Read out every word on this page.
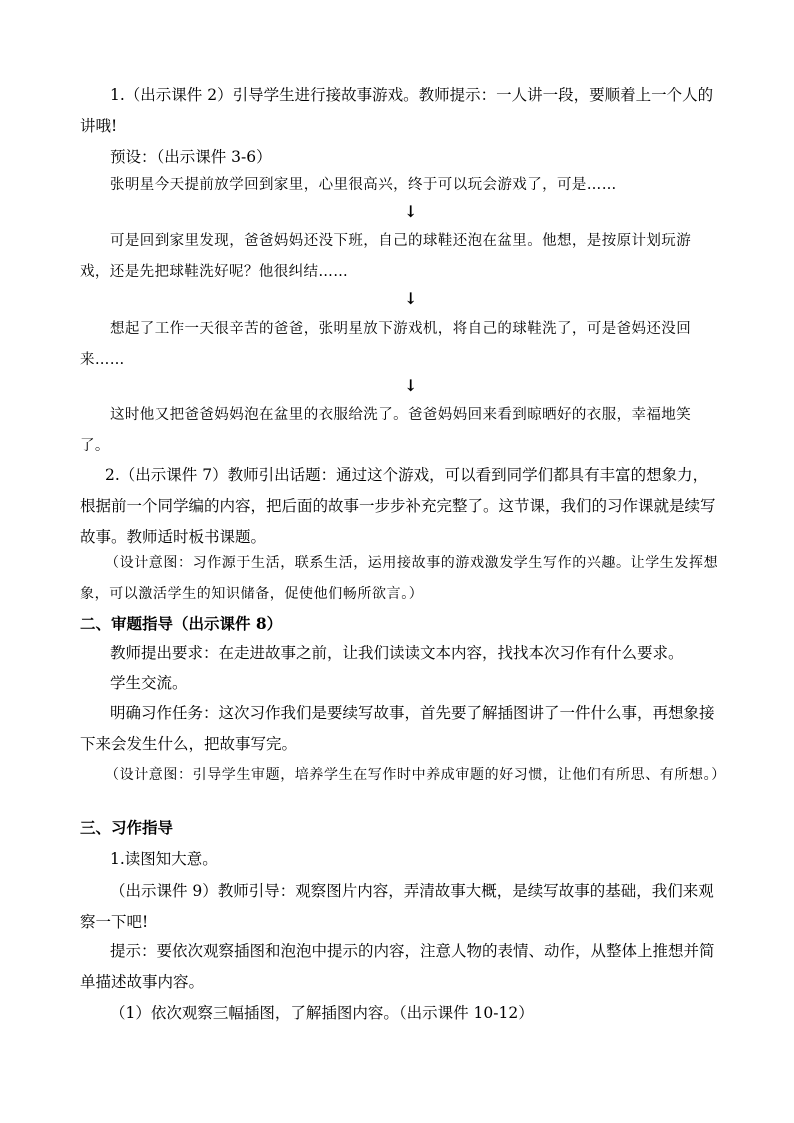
1.（出示课件 2）引导学生进行接故事游戏。教师提示：一人讲一段，要顺着上一个人的讲哦!

预设：（出示课件 3-6）

张明星今天提前放学回到家里，心里很高兴，终于可以玩会游戏了，可是……

↓

可是回到家里发现，爸爸妈妈还没下班，自己的球鞋还泡在盆里。他想，是按原计划玩游戏，还是先把球鞋洗好呢？他很纠结……

↓

想起了工作一天很辛苦的爸爸，张明星放下游戏机，将自己的球鞋洗了，可是爸妈还没回来……

↓

这时他又把爸爸妈妈泡在盆里的衣服给洗了。爸爸妈妈回来看到晾晒好的衣服，幸福地笑了。

2.（出示课件 7）教师引出话题：通过这个游戏，可以看到同学们都具有丰富的想象力，根据前一个同学编的内容，把后面的故事一步步补充完整了。这节课，我们的习作课就是续写故事。教师适时板书课题。

（设计意图：习作源于生活，联系生活，运用接故事的游戏激发学生写作的兴趣。让学生发挥想象，可以激活学生的知识储备，促使他们畅所欲言。）

二、审题指导（出示课件 8）

教师提出要求：在走进故事之前，让我们读读文本内容，找找本次习作有什么要求。

学生交流。

明确习作任务：这次习作我们是要续写故事，首先要了解插图讲了一件什么事，再想象接下来会发生什么，把故事写完。

（设计意图：引导学生审题，培养学生在写作时中养成审题的好习惯，让他们有所思、有所想。）

三、习作指导

1.读图知大意。

（出示课件 9）教师引导：观察图片内容，弄清故事大概，是续写故事的基础，我们来观察一下吧!

提示：要依次观察插图和泡泡中提示的内容，注意人物的表情、动作，从整体上推想并简单描述故事内容。

（1）依次观察三幅插图，了解插图内容。（出示课件 10-12）
